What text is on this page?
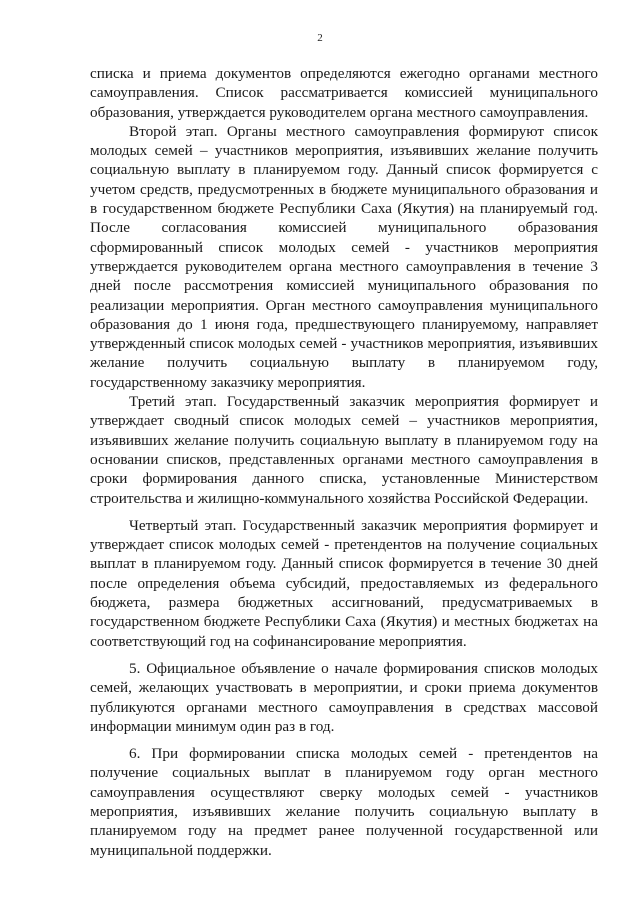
2

списка и приема документов определяются ежегодно органами местного самоуправления. Список рассматривается комиссией муниципального образования, утверждается руководителем органа местного самоуправления.

Второй этап. Органы местного самоуправления формируют список молодых семей – участников мероприятия, изъявивших желание получить социальную выплату в планируемом году. Данный список формируется с учетом средств, предусмотренных в бюджете муниципального образования и в государственном бюджете Республики Саха (Якутия) на планируемый год. После согласования комиссией муниципального образования сформированный список молодых семей - участников мероприятия утверждается руководителем органа местного самоуправления в течение 3 дней после рассмотрения комиссией муниципального образования по реализации мероприятия. Орган местного самоуправления муниципального образования до 1 июня года, предшествующего планируемому, направляет утвержденный список молодых семей - участников мероприятия, изъявивших желание получить социальную выплату в планируемом году, государственному заказчику мероприятия.

Третий этап. Государственный заказчик мероприятия формирует и утверждает сводный список молодых семей – участников мероприятия, изъявивших желание получить социальную выплату в планируемом году на основании списков, представленных органами местного самоуправления в сроки формирования данного списка, установленные Министерством строительства и жилищно-коммунального хозяйства Российской Федерации.

Четвертый этап. Государственный заказчик мероприятия формирует и утверждает список молодых семей - претендентов на получение социальных выплат в планируемом году. Данный список формируется в течение 30 дней после определения объема субсидий, предоставляемых из федерального бюджета, размера бюджетных ассигнований, предусматриваемых в государственном бюджете Республики Саха (Якутия) и местных бюджетах на соответствующий год на софинансирование мероприятия.

5. Официальное объявление о начале формирования списков молодых семей, желающих участвовать в мероприятии, и сроки приема документов публикуются органами местного самоуправления в средствах массовой информации минимум один раз в год.

6. При формировании списка молодых семей - претендентов на получение социальных выплат в планируемом году орган местного самоуправления осуществляют сверку молодых семей - участников мероприятия, изъявивших желание получить социальную выплату в планируемом году на предмет ранее полученной государственной или муниципальной поддержки.
